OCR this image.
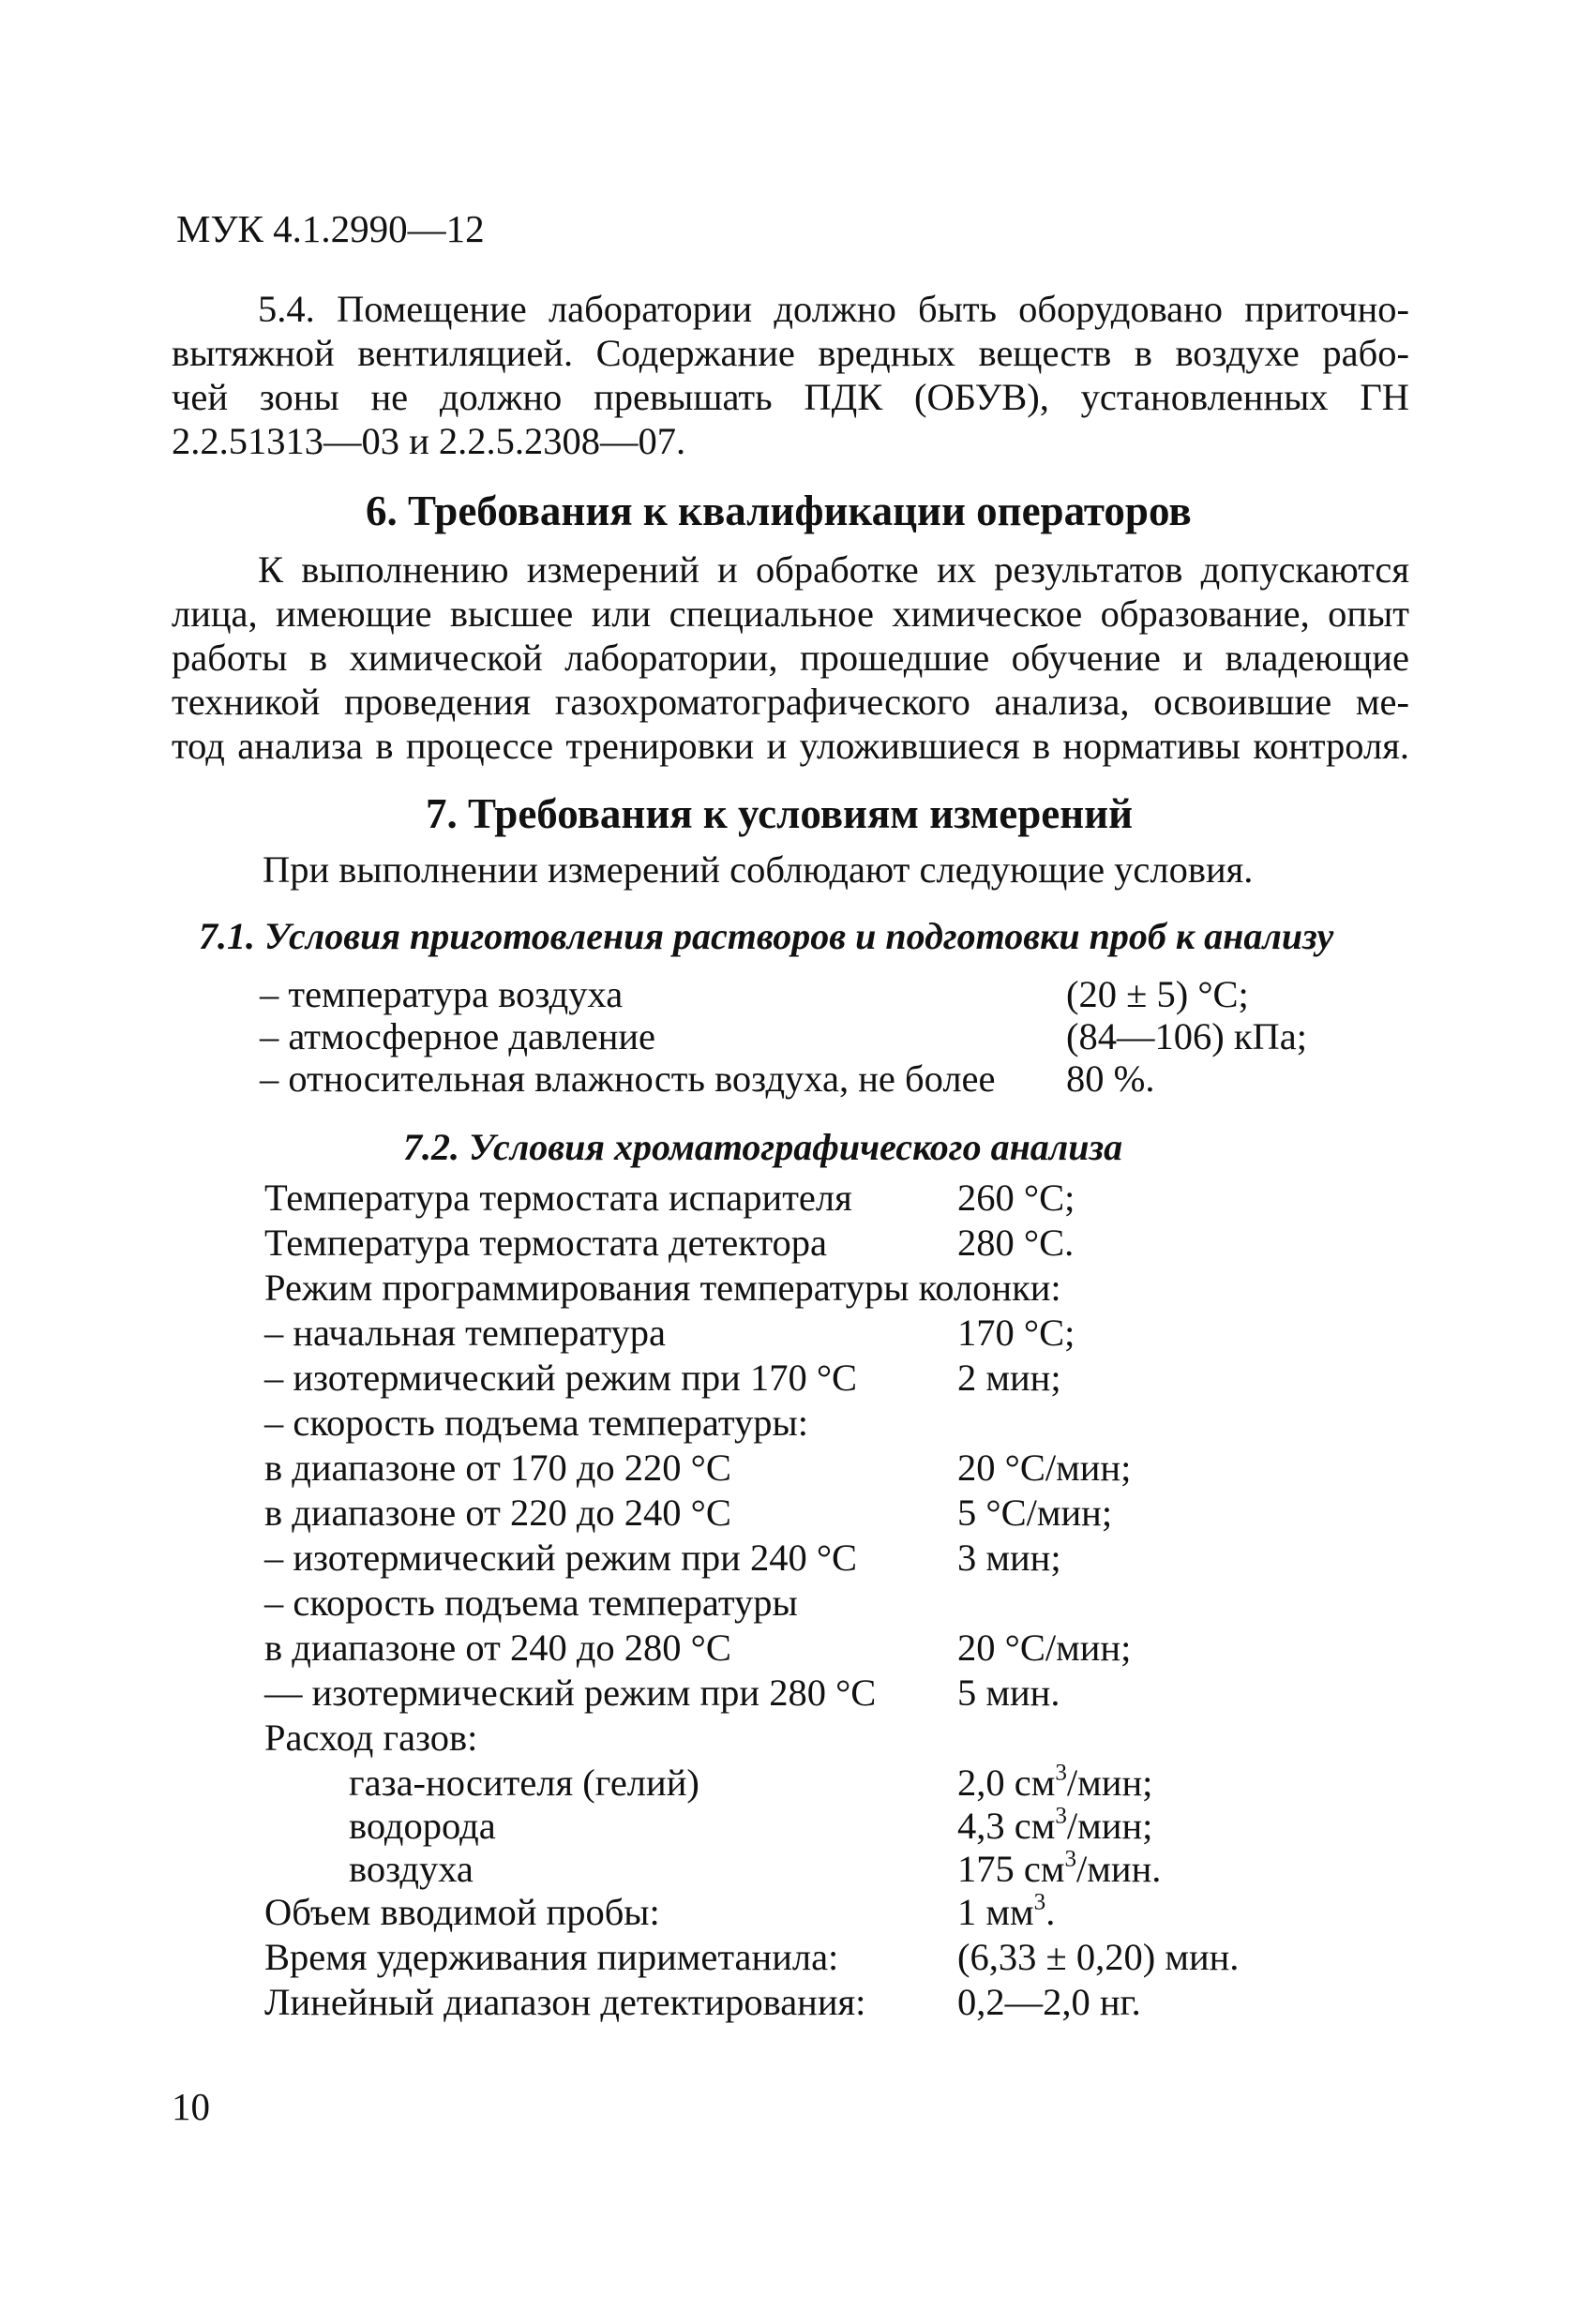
МУК 4.1.2990—12
5.4. Помещение лаборатории должно быть оборудовано приточно-
вытяжной вентиляцией. Содержание вредных веществ в воздухе рабо-
чей зоны не должно превышать ПДК (ОБУВ), установленных ГН
2.2.51313—03 и 2.2.5.2308—07.
6. Требования к квалификации операторов
К выполнению измерений и обработке их результатов допускаются
лица, имеющие высшее или специальное химическое образование, опыт
работы в химической лаборатории, прошедшие обучение и владеющие
техникой проведения газохроматографического анализа, освоившие ме-
тод анализа в процессе тренировки и уложившиеся в нормативы контроля.
7. Требования к условиям измерений
При выполнении измерений соблюдают следующие условия.
7.1. Условия приготовления растворов и подготовки проб к анализу
– температура воздуха	(20 ± 5) °С;
– атмосферное давление	(84—106) кПа;
– относительная влажность воздуха, не более 80 %.
7.2. Условия хроматографического анализа
Температура термостата испарителя	260 °С;
Температура термостата детектора	280 °С.
Режим программирования температуры колонки:
– начальная температура	170 °С;
– изотермический режим при 170 °С	2 мин;
– скорость подъема температуры:
в диапазоне от 170 до 220 °С	20 °С/мин;
в диапазоне от 220 до 240 °С	5 °С/мин;
– изотермический режим при 240 °С	3 мин;
– скорость подъема температуры
в диапазоне от 240 до 280 °С	20 °С/мин;
— изотермический режим при 280 °С 5 мин.
Расход газов:
газа-носителя (гелий)	2,0 $см^3$/мин;
водорода	4,3 $см^3$/мин;
воздуха	175 $см^3$/мин.
Объем вводимой пробы:	1 $мм^3$.
Время удерживания пириметанила:	(6,33 ± 0,20) мин.
Линейный диапазон детектирования: 0,2—2,0 нг.
10
